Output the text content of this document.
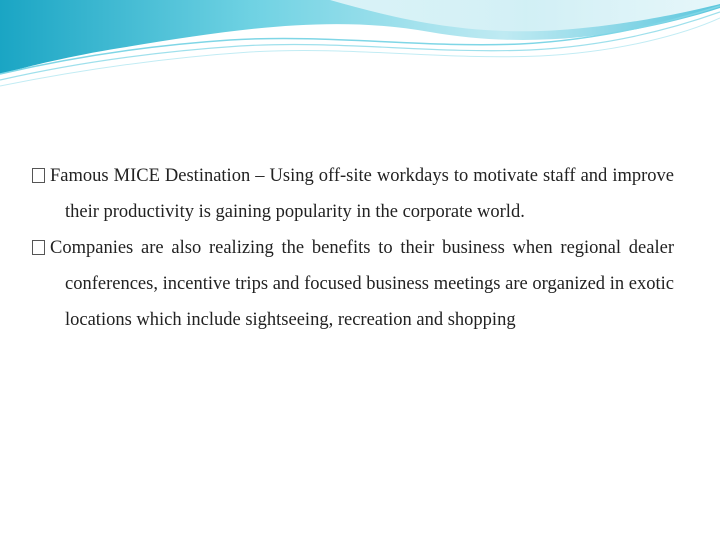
Famous MICE Destination – Using off-site workdays to motivate staff and improve their productivity is gaining popularity in the corporate world.

Companies are also realizing the benefits to their business when regional dealer conferences, incentive trips and focused business meetings are organized in exotic locations which include sightseeing, recreation and shopping
